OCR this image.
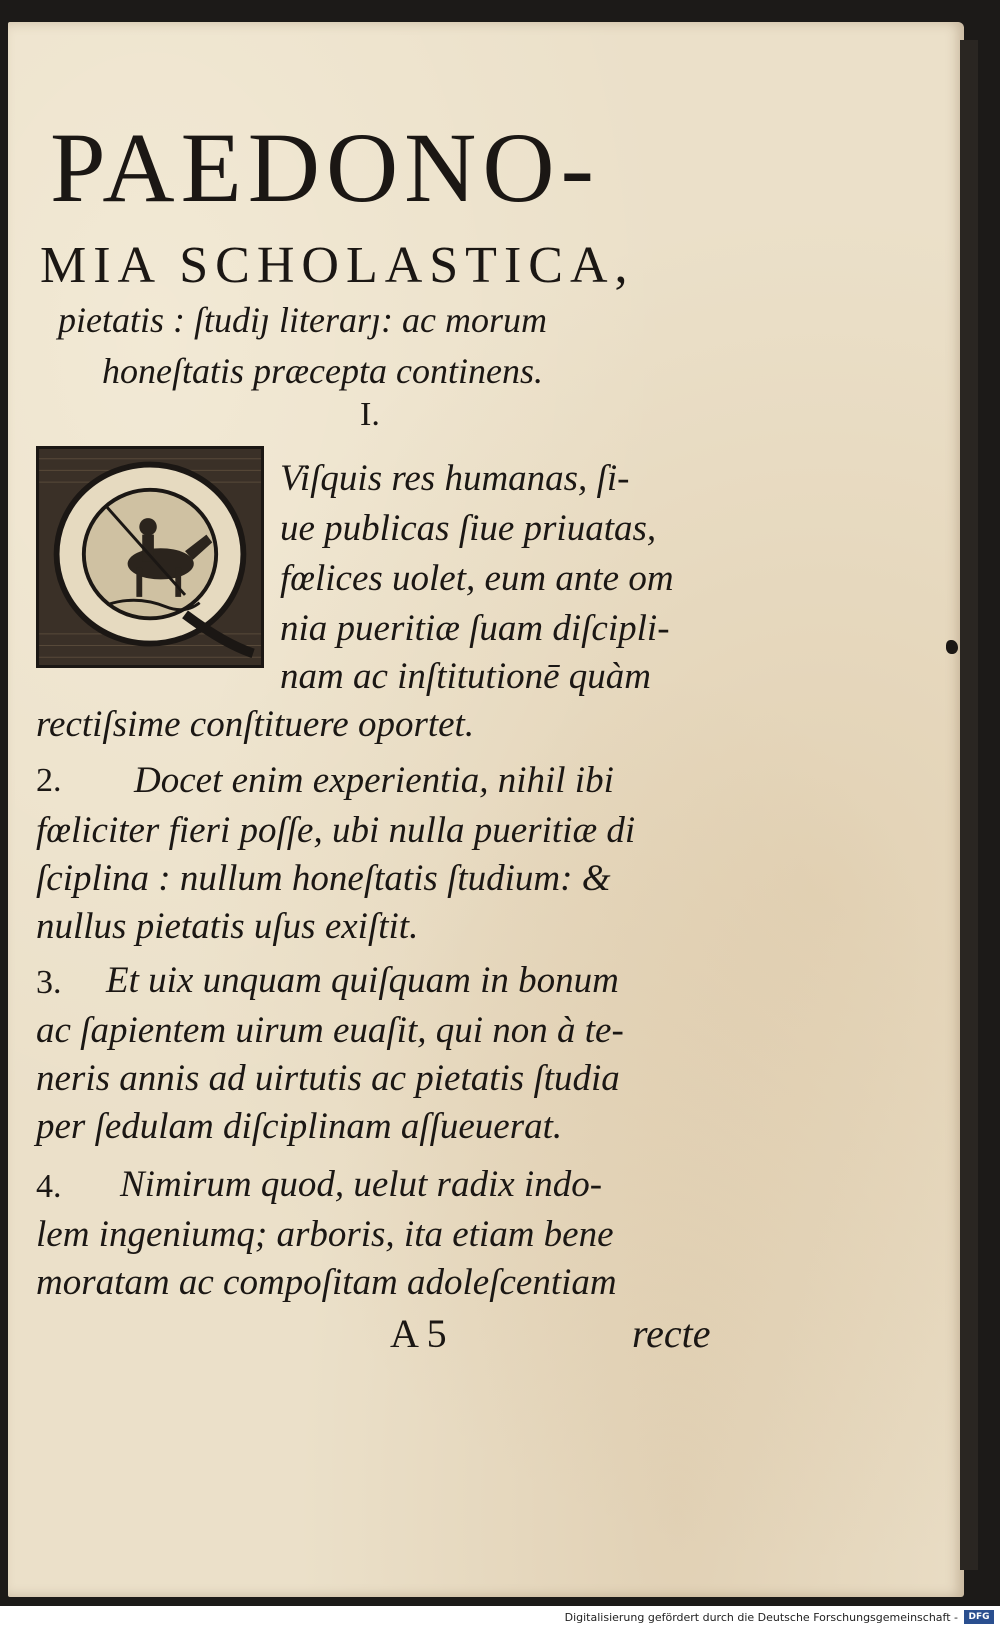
PAEDONO-
MIA SCHOLASTICA,
pietatis : ſtudiȷ literarȷ: ac morum
honeſtatis præcepta continens.
I.
Viſquis res humanas, ſi-
ue publicas ſiue priuatas,
fœlices uolet, eum ante om
nia pueritiæ ſuam diſcipli-
nam ac inſtitutionē quàm
rectiſsime conſtituere oportet.
2. Docet enim experientia, nihil ibi
fœliciter fieri poſſe, ubi nulla pueritiæ di
ſciplina : nullum honeſtatis ſtudium: &
nullus pietatis uſus exiſtit.
3. Et uix unquam quiſquam in bonum
ac ſapientem uirum euaſit, qui non à te-
neris annis ad uirtutis ac pietatis ſtudia
per ſedulam diſciplinam aſſueuerat.
4. Nimirum quod, uelut radix indo-
lem ingeniumq; arboris, ita etiam bene
moratam ac compoſitam adoleſcentiam
A 5	recte
Digitalisierung gefördert durch die Deutsche Forschungsgemeinschaft -	DFG
